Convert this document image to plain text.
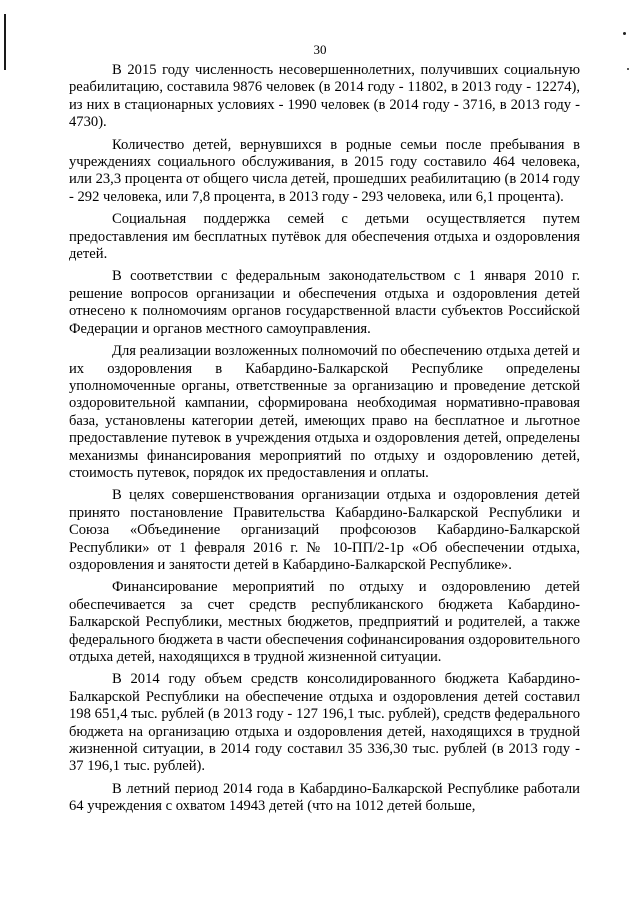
30

В 2015 году численность несовершеннолетних, получивших социальную реабилитацию, составила 9876 человек (в 2014 году - 11802, в 2013 году - 12274), из них в стационарных условиях - 1990 человек (в 2014 году - 3716, в 2013 году - 4730).

Количество детей, вернувшихся в родные семьи после пребывания в учреждениях социального обслуживания, в 2015 году составило 464 человека, или 23,3 процента от общего числа детей, прошедших реабилитацию (в 2014 году - 292 человека, или 7,8 процента, в 2013 году - 293 человека, или 6,1 процента).

Социальная поддержка семей с детьми осуществляется путем предоставления им бесплатных путёвок для обеспечения отдыха и оздоровления детей.

В соответствии с федеральным законодательством с 1 января 2010 г. решение вопросов организации и обеспечения отдыха и оздоровления детей отнесено к полномочиям органов государственной власти субъектов Российской Федерации и органов местного самоуправления.

Для реализации возложенных полномочий по обеспечению отдыха детей и их оздоровления в Кабардино-Балкарской Республике определены уполномоченные органы, ответственные за организацию и проведение детской оздоровительной кампании, сформирована необходимая нормативно-правовая база, установлены категории детей, имеющих право на бесплатное и льготное предоставление путевок в учреждения отдыха и оздоровления детей, определены механизмы финансирования мероприятий по отдыху и оздоровлению детей, стоимость путевок, порядок их предоставления и оплаты.

В целях совершенствования организации отдыха и оздоровления детей принято постановление Правительства Кабардино-Балкарской Республики и Союза «Объединение организаций профсоюзов Кабардино-Балкарской Республики» от 1 февраля 2016 г. № 10-ПП/2-1р «Об обеспечении отдыха, оздоровления и занятости детей в Кабардино-Балкарской Республике».

Финансирование мероприятий по отдыху и оздоровлению детей обеспечивается за счет средств республиканского бюджета Кабардино-Балкарской Республики, местных бюджетов, предприятий и родителей, а также федерального бюджета в части обеспечения софинансирования оздоровительного отдыха детей, находящихся в трудной жизненной ситуации.

В 2014 году объем средств консолидированного бюджета Кабардино-Балкарской Республики на обеспечение отдыха и оздоровления детей составил 198 651,4 тыс. рублей (в 2013 году - 127 196,1 тыс. рублей), средств федерального бюджета на организацию отдыха и оздоровления детей, находящихся в трудной жизненной ситуации, в 2014 году составил 35 336,30 тыс. рублей (в 2013 году - 37 196,1 тыс. рублей).

В летний период 2014 года в Кабардино-Балкарской Республике работали 64 учреждения с охватом 14943 детей (что на 1012 детей больше,
